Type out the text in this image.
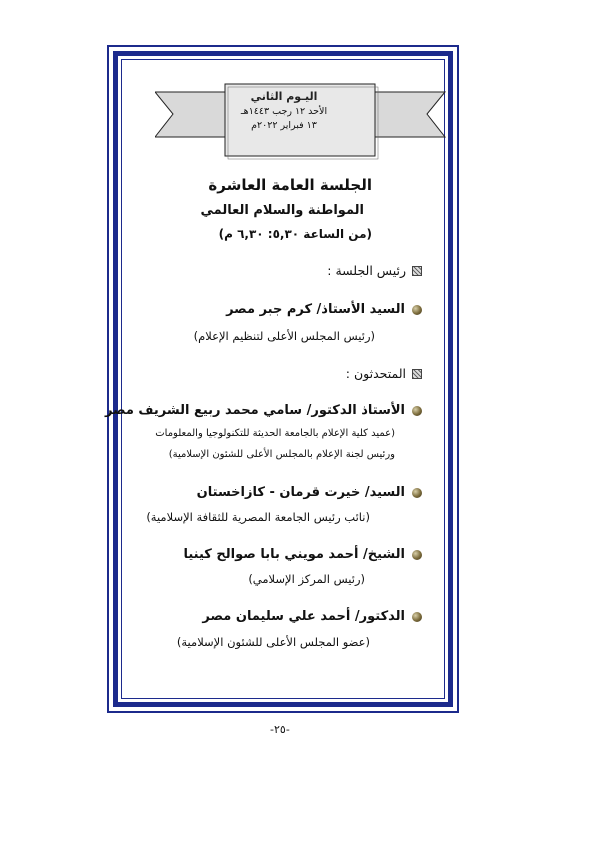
اليـوم الثاني
الأحد ١٢ رجب ١٤٤٣هـ
١٣ فبراير ٢٠٢٢م
الجلسة العامة العاشرة
المواطنة والسلام العالمي
(من الساعة ٥,٣٠: ٦,٣٠ م)
رئيس الجلسة :
السيد الأستاذ/ كرم جبر مصر
(رئيس المجلس الأعلى لتنظيم الإعلام)
المتحدثون :
الأستاذ الدكتور/ سامي محمد ربيع الشريف مصر
(عميد كلية الإعلام بالجامعة الحديثة للتكنولوجيا والمعلومات
ورئيس لجنة الإعلام بالمجلس الأعلى للشئون الإسلامية)
السيد/ خيرت قرمان - كازاخستان
(نائب رئيس الجامعة المصرية للثقافة الإسلامية)
الشيخ/ أحمد مويني بابا صوالح كينيا
(رئيس المركز الإسلامي)
الدكتور/ أحمد علي سليمان مصر
(عضو المجلس الأعلى للشئون الإسلامية)
-٢٥-
